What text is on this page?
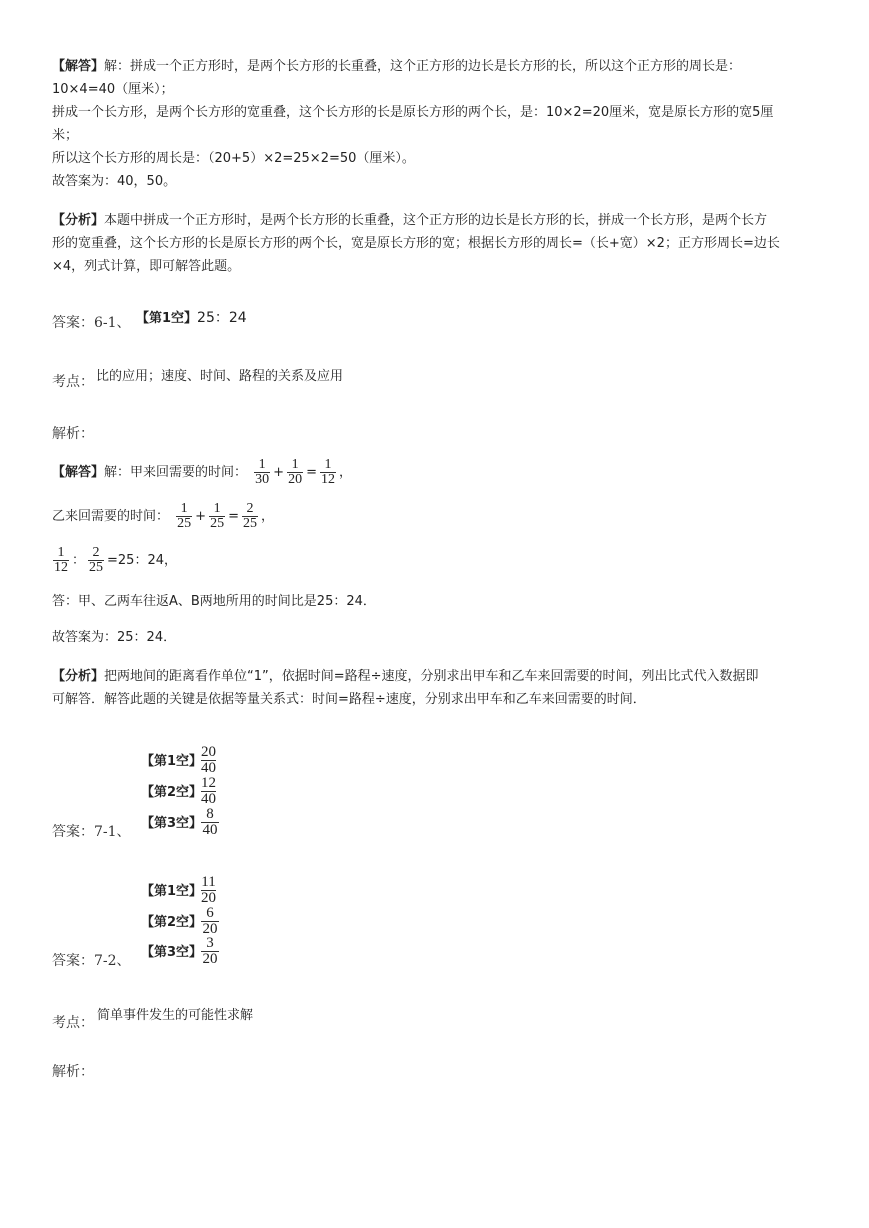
【解答】解：拼成一个正方形时，是两个长方形的长重叠，这个正方形的边长是长方形的长，所以这个正方形的周长是：
10×4=40（厘米）；
拼成一个长方形，是两个长方形的宽重叠，这个长方形的长是原长方形的两个长，是：10×2=20厘米，宽是原长方形的宽5厘
米；
所以这个长方形的周长是：（20+5）×2=25×2=50（厘米）。
故答案为：40，50。
【分析】本题中拼成一个正方形时，是两个长方形的长重叠，这个正方形的边长是长方形的长，拼成一个长方形，是两个长方
形的宽重叠，这个长方形的长是原长方形的两个长，宽是原长方形的宽；根据长方形的周长=（长+宽）×2；正方形周长=边长
×4，列式计算，即可解答此题。
答案：6-1、 【第1空】25：24
考点： 比的应用；速度、时间、路程的关系及应用
解析：
【解答】解：甲来回需要的时间： $\frac{1}{30} + \frac{1}{20} = \frac{1}{12}$ ，
乙来回需要的时间： $\frac{1}{25} + \frac{1}{25} = \frac{2}{25}$ ，
$\frac{1}{12}$ ： $\frac{2}{25} =25$：24，
答：甲、乙两车往返A、B两地所用的时间比是25：24．
故答案为：25：24．
【分析】把两地间的距离看作单位“1”，依据时间=路程÷速度，分别求出甲车和乙车来回需要的时间，列出比式代入数据即
可解答．解答此题的关键是依据等量关系式：时间=路程÷速度，分别求出甲车和乙车来回需要的时间．
【第1空】
$\frac{20}{40}$
【第2空】
$\frac{12}{40}$
【第3空】
$\frac{8}{40}$
答案：7-1、
【第1空】
$\frac{11}{20}$
【第2空】
$\frac{6}{20}$
【第3空】
$\frac{3}{20}$
答案：7-2、
考点： 简单事件发生的可能性求解
解析：
